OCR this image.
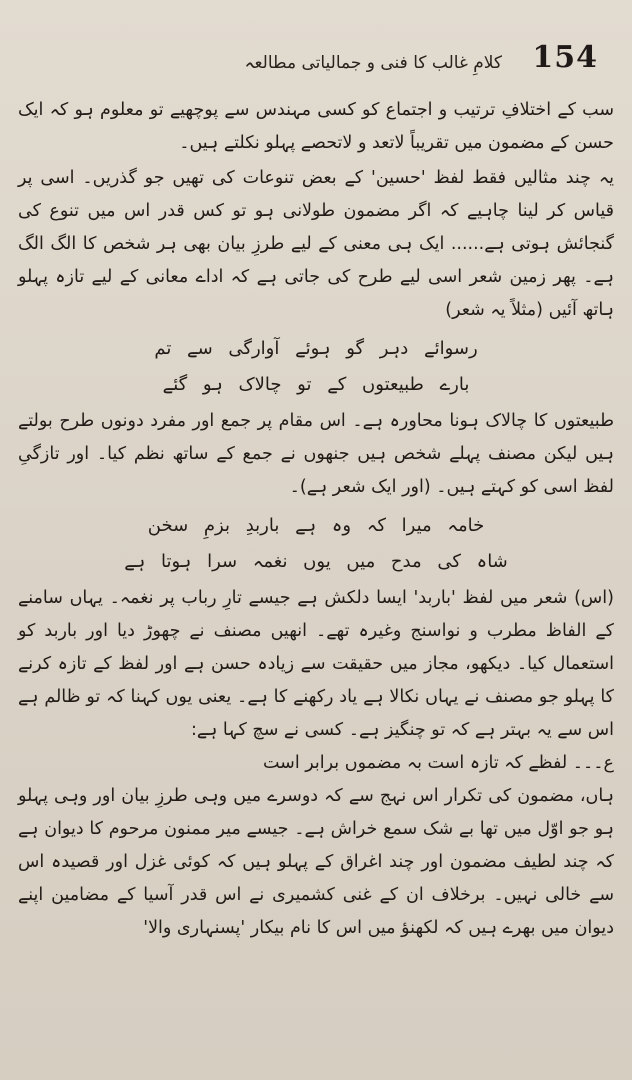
154
کلامِ غالب کا فنی و جمالیاتی مطالعہ

سب کے اختلافِ ترتیب و اجتماع کو کسی مہندس سے پوچھیے تو معلوم ہو کہ ایک حسن کے مضمون میں تقریباً لاتعد و لاتحصے پہلو نکلتے ہیں۔

یہ چند مثالیں فقط لفظ 'حسین' کے بعض تنوعات کی تھیں جو گذریں۔ اسی پر قیاس کر لینا چاہیے کہ اگر مضمون طولانی ہو تو کس قدر اس میں تنوع کی گنجائش ہوتی ہے...... ایک ہی معنی کے لیے طرزِ بیان بھی ہر شخص کا الگ الگ ہے۔ پھر زمین شعر اسی لیے طرح کی جاتی ہے کہ اداے معانی کے لیے تازہ پہلو ہاتھ آئیں (مثلاً یہ شعر)

رسوائے دہر گو ہوئے آوارگی سے تم
بارے طبیعتوں کے تو چالاک ہو گئے

طبیعتوں کا چالاک ہونا محاورہ ہے۔ اس مقام پر جمع اور مفرد دونوں طرح بولتے ہیں لیکن مصنف پہلے شخص ہیں جنھوں نے جمع کے ساتھ نظم کیا۔ اور تازگیِ لفظ اسی کو کہتے ہیں۔ (اور ایک شعر ہے)۔

خامہ میرا کہ وہ ہے باربدِ بزمِ سخن
شاہ کی مدح میں یوں نغمہ سرا ہوتا ہے

(اس) شعر میں لفظ 'باربد' ایسا دلکش ہے جیسے تارِ رباب پر نغمہ۔ یہاں سامنے کے الفاظ مطرب و نواسنج وغیرہ تھے۔ انھیں مصنف نے چھوڑ دیا اور باربد کو استعمال کیا۔ دیکھو، مجاز میں حقیقت سے زیادہ حسن ہے اور لفظ کے تازہ کرنے کا پہلو جو مصنف نے یہاں نکالا ہے یاد رکھنے کا ہے۔ یعنی یوں کہنا کہ تو ظالم ہے اس سے یہ بہتر ہے کہ تو چنگیز ہے۔ کسی نے سچ کہا ہے:

ع۔۔۔ لفظے کہ تازہ است بہ مضموں برابر است

ہاں، مضمون کی تکرار اس نہج سے کہ دوسرے میں وہی طرزِ بیان اور وہی پہلو ہو جو اوّل میں تھا بے شک سمع خراش ہے۔ جیسے میر ممنون مرحوم کا دیوان ہے کہ چند لطیف مضمون اور چند اغراق کے پہلو ہیں کہ کوئی غزل اور قصیدہ اس سے خالی نہیں۔ برخلاف ان کے غنی کشمیری نے اس قدر آسیا کے مضامین اپنے دیوان میں بھرے ہیں کہ لکھنؤ میں اس کا نام بیکار 'پسنہاری والا'
